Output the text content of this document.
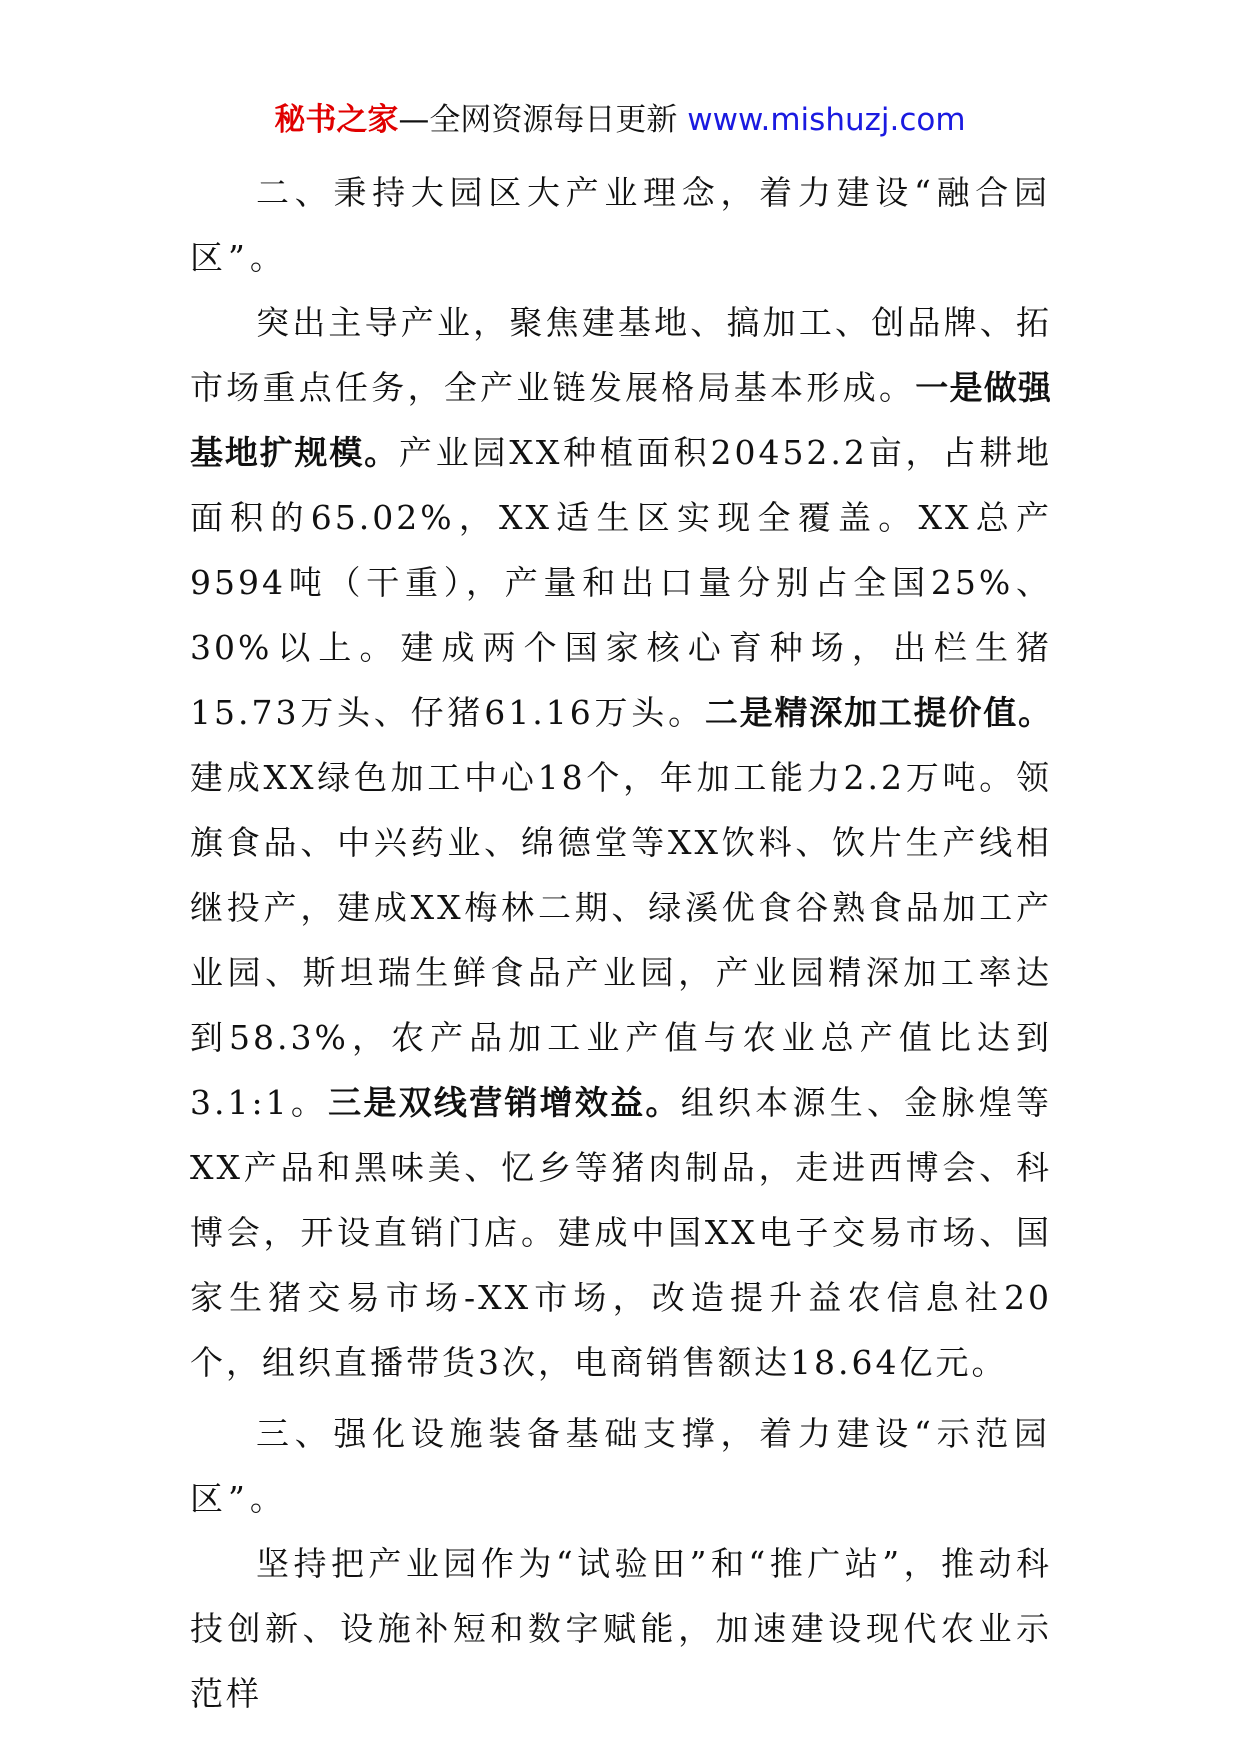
秘书之家—全网资源每日更新 www.mishuzj.com

二、秉持大园区大产业理念，着力建设“融合园区”。

突出主导产业，聚焦建基地、搞加工、创品牌、拓市场重点任务，全产业链发展格局基本形成。一是做强基地扩规模。产业园XX种植面积20452.2亩，占耕地面积的65.02%，XX适生区实现全覆盖。XX总产9594吨（干重），产量和出口量分别占全国25%、30%以上。建成两个国家核心育种场，出栏生猪15.73万头、仔猪61.16万头。二是精深加工提价值。建成XX绿色加工中心18个，年加工能力2.2万吨。领旗食品、中兴药业、绵德堂等XX饮料、饮片生产线相继投产，建成XX梅林二期、绿溪优食谷熟食品加工产业园、斯坦瑞生鲜食品产业园，产业园精深加工率达到58.3%，农产品加工业产值与农业总产值比达到3.1:1。三是双线营销增效益。组织本源生、金脉煌等XX产品和黑味美、忆乡等猪肉制品，走进西博会、科博会，开设直销门店。建成中国XX电子交易市场、国家生猪交易市场-XX市场，改造提升益农信息社20个，组织直播带货3次，电商销售额达18.64亿元。

三、强化设施装备基础支撑，着力建设“示范园区”。

坚持把产业园作为“试验田”和“推广站”，推动科技创新、设施补短和数字赋能，加速建设现代农业示范样
